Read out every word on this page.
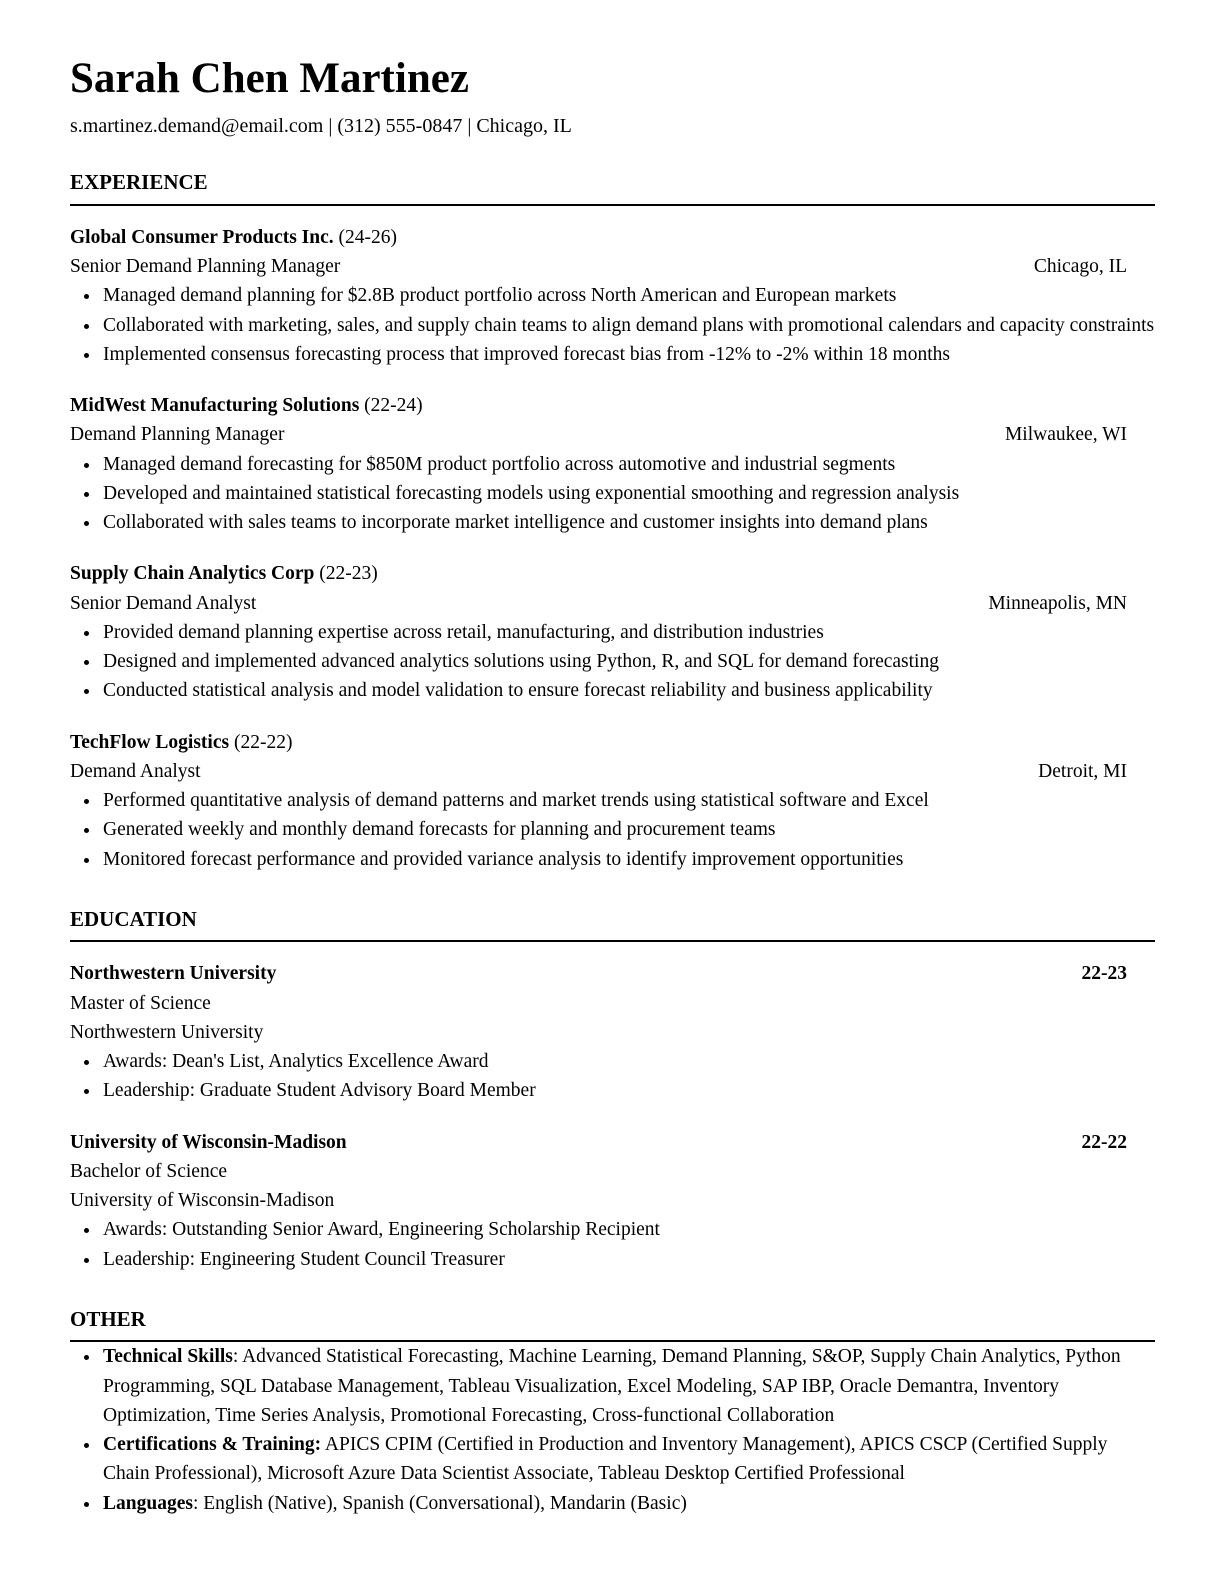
Sarah Chen Martinez
s.martinez.demand@email.com | (312) 555-0847 | Chicago, IL
EXPERIENCE
Global Consumer Products Inc. (24-26)
Senior Demand Planning Manager	Chicago, IL
• Managed demand planning for $2.8B product portfolio across North American and European markets
• Collaborated with marketing, sales, and supply chain teams to align demand plans with promotional calendars and capacity constraints
• Implemented consensus forecasting process that improved forecast bias from -12% to -2% within 18 months
MidWest Manufacturing Solutions (22-24)
Demand Planning Manager	Milwaukee, WI
• Managed demand forecasting for $850M product portfolio across automotive and industrial segments
• Developed and maintained statistical forecasting models using exponential smoothing and regression analysis
• Collaborated with sales teams to incorporate market intelligence and customer insights into demand plans
Supply Chain Analytics Corp (22-23)
Senior Demand Analyst	Minneapolis, MN
• Provided demand planning expertise across retail, manufacturing, and distribution industries
• Designed and implemented advanced analytics solutions using Python, R, and SQL for demand forecasting
• Conducted statistical analysis and model validation to ensure forecast reliability and business applicability
TechFlow Logistics (22-22)
Demand Analyst	Detroit, MI
• Performed quantitative analysis of demand patterns and market trends using statistical software and Excel
• Generated weekly and monthly demand forecasts for planning and procurement teams
• Monitored forecast performance and provided variance analysis to identify improvement opportunities
EDUCATION
Northwestern University	22-23
Master of Science
Northwestern University
• Awards: Dean's List, Analytics Excellence Award
• Leadership: Graduate Student Advisory Board Member
University of Wisconsin-Madison	22-22
Bachelor of Science
University of Wisconsin-Madison
• Awards: Outstanding Senior Award, Engineering Scholarship Recipient
• Leadership: Engineering Student Council Treasurer
OTHER
• Technical Skills: Advanced Statistical Forecasting, Machine Learning, Demand Planning, S&OP, Supply Chain Analytics, Python Programming, SQL Database Management, Tableau Visualization, Excel Modeling, SAP IBP, Oracle Demantra, Inventory Optimization, Time Series Analysis, Promotional Forecasting, Cross-functional Collaboration
• Certifications & Training: APICS CPIM (Certified in Production and Inventory Management), APICS CSCP (Certified Supply Chain Professional), Microsoft Azure Data Scientist Associate, Tableau Desktop Certified Professional
• Languages: English (Native), Spanish (Conversational), Mandarin (Basic)
